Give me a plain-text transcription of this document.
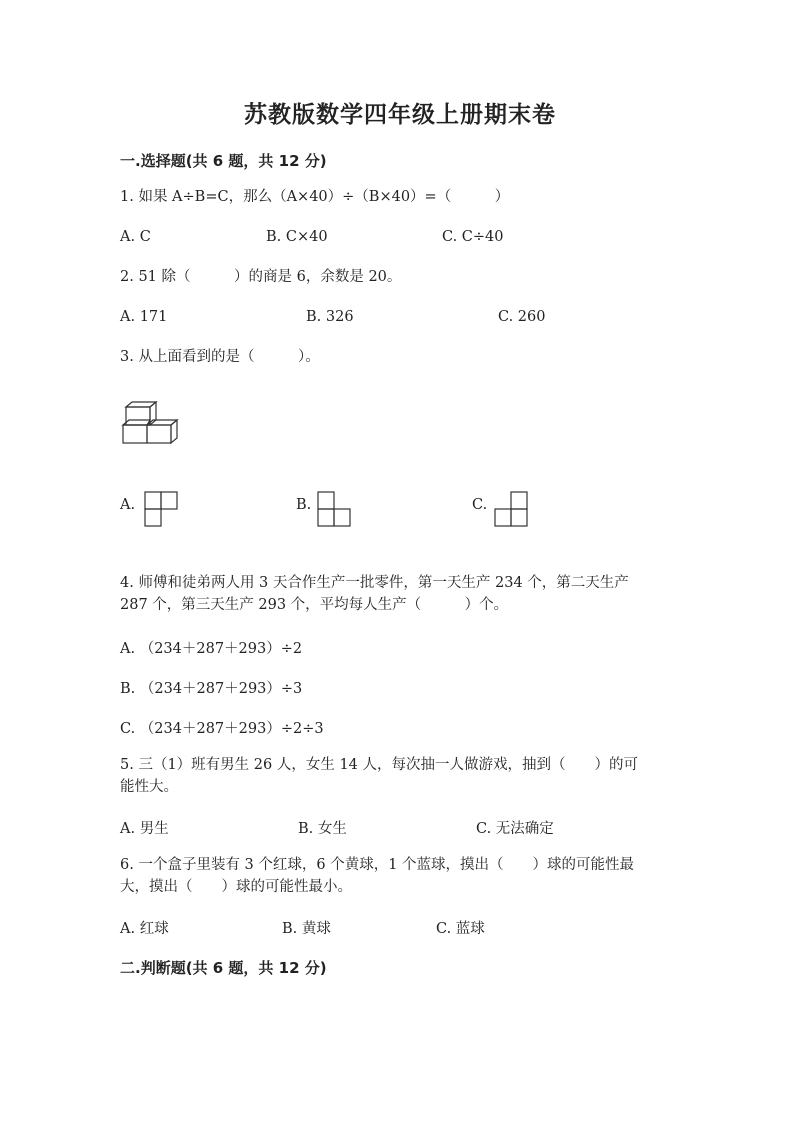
苏教版数学四年级上册期末卷
一.选择题(共 6 题，共 12 分)
1. 如果 A÷B=C，那么（A×40）÷（B×40）=（　　　）
A. C	B. C×40	C. C÷40
2. 51 除（　　　）的商是 6，余数是 20。
A. 171	B. 326	C. 260
3. 从上面看到的是（　　　）。
A.	B.	C.
4. 师傅和徒弟两人用 3 天合作生产一批零件，第一天生产 234 个，第二天生产
287 个，第三天生产 293 个，平均每人生产（　　　）个。
A. （234＋287＋293）÷2
B. （234＋287＋293）÷3
C. （234＋287＋293）÷2÷3
5. 三（1）班有男生 26 人，女生 14 人，每次抽一人做游戏，抽到（　　）的可
能性大。
A. 男生	B. 女生	C. 无法确定
6. 一个盒子里装有 3 个红球，6 个黄球，1 个蓝球，摸出（　　）球的可能性最
大，摸出（　　）球的可能性最小。
A. 红球	B. 黄球	C. 蓝球
二.判断题(共 6 题，共 12 分)
